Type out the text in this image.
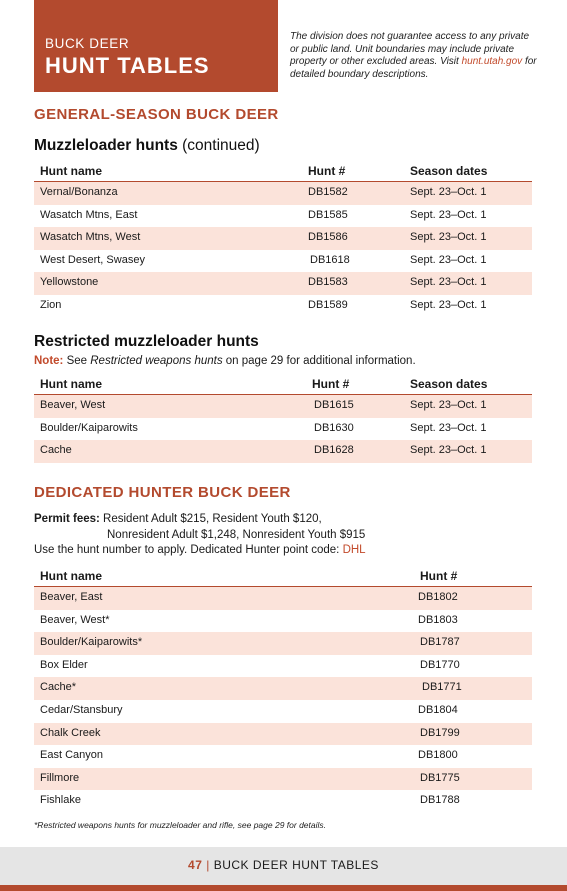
BUCK DEER
HUNT TABLES
The division does not guarantee access to any private or public land. Unit boundaries may include private property or other excluded areas. Visit hunt.utah.gov for detailed boundary descriptions.
GENERAL-SEASON BUCK DEER
Muzzleloader hunts (continued)
Hunt name	Hunt #	Season dates
Vernal/Bonanza	DB1582	Sept. 23–Oct. 1
Wasatch Mtns, East	DB1585	Sept. 23–Oct. 1
Wasatch Mtns, West	DB1586	Sept. 23–Oct. 1
West Desert, Swasey	DB1618	Sept. 23–Oct. 1
Yellowstone	DB1583	Sept. 23–Oct. 1
Zion	DB1589	Sept. 23–Oct. 1
Restricted muzzleloader hunts
Note: See Restricted weapons hunts on page 29 for additional information.
Hunt name	Hunt #	Season dates
Beaver, West	DB1615	Sept. 23–Oct. 1
Boulder/Kaiparowits	DB1630	Sept. 23–Oct. 1
Cache	DB1628	Sept. 23–Oct. 1
DEDICATED HUNTER BUCK DEER
Permit fees: Resident Adult $215, Resident Youth $120,
Nonresident Adult $1,248, Nonresident Youth $915
Use the hunt number to apply. Dedicated Hunter point code: DHL
Hunt name	Hunt #
Beaver, East	DB1802
Beaver, West*	DB1803
Boulder/Kaiparowits*	DB1787
Box Elder	DB1770
Cache*	DB1771
Cedar/Stansbury	DB1804
Chalk Creek	DB1799
East Canyon	DB1800
Fillmore	DB1775
Fishlake	DB1788
*Restricted weapons hunts for muzzleloader and rifle, see page 29 for details.
47 | BUCK DEER HUNT TABLES
